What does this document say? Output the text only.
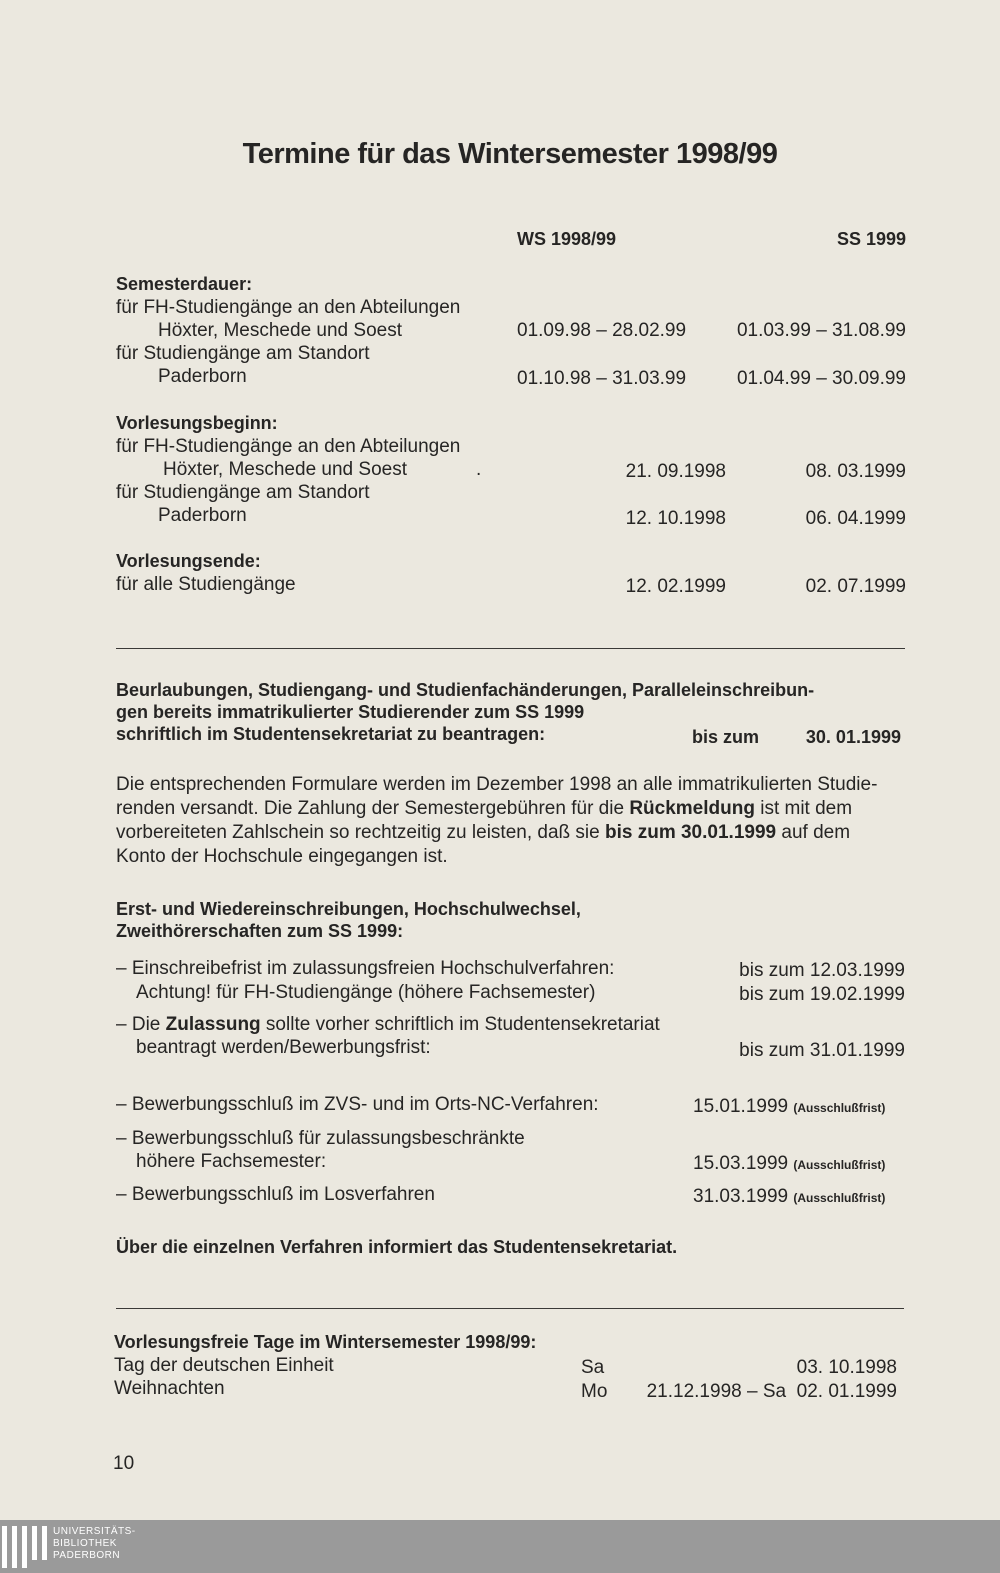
Termine für das Wintersemester 1998/99
WS 1998/99	SS 1999
Semesterdauer:
für FH-Studiengänge an den Abteilungen
Höxter, Meschede und Soest	01.09.98 – 28.02.99	01.03.99 – 31.08.99
für Studiengänge am Standort
Paderborn	01.10.98 – 31.03.99	01.04.99 – 30.09.99
Vorlesungsbeginn:
für FH-Studiengänge an den Abteilungen
Höxter, Meschede und Soest	.	21. 09.1998	08. 03.1999
für Studiengänge am Standort
Paderborn	12. 10.1998	06. 04.1999
Vorlesungsende:
für alle Studiengänge	12. 02.1999	02. 07.1999
Beurlaubungen, Studiengang- und Studienfachänderungen, Paralleleinschreibun-
gen bereits immatrikulierter Studierender zum SS 1999
schriftlich im Studentensekretariat zu beantragen:	bis zum	30. 01.1999
Die entsprechenden Formulare werden im Dezember 1998 an alle immatrikulierten Studie-
renden versandt. Die Zahlung der Semestergebühren für die Rückmeldung ist mit dem
vorbereiteten Zahlschein so rechtzeitig zu leisten, daß sie bis zum 30.01.1999 auf dem
Konto der Hochschule eingegangen ist.
Erst- und Wiedereinschreibungen, Hochschulwechsel,
Zweithörerschaften zum SS 1999:
– Einschreibefrist im zulassungsfreien Hochschulverfahren:	bis zum 12.03.1999
Achtung! für FH-Studiengänge (höhere Fachsemester)	bis zum 19.02.1999
– Die Zulassung sollte vorher schriftlich im Studentensekretariat
beantragt werden/Bewerbungsfrist:	bis zum 31.01.1999
– Bewerbungsschluß im ZVS- und im Orts-NC-Verfahren:	15.01.1999 (Ausschlußfrist)
– Bewerbungsschluß für zulassungsbeschränkte
höhere Fachsemester:	15.03.1999 (Ausschlußfrist)
– Bewerbungsschluß im Losverfahren	31.03.1999 (Ausschlußfrist)
Über die einzelnen Verfahren informiert das Studentensekretariat.
Vorlesungsfreie Tage im Wintersemester 1998/99:
Tag der deutschen Einheit	Sa	03. 10.1998
Weihnachten	Mo	21.12.1998 – Sa  02. 01.1999
10
UNIVERSITÄTS-
BIBLIOTHEK
PADERBORN
